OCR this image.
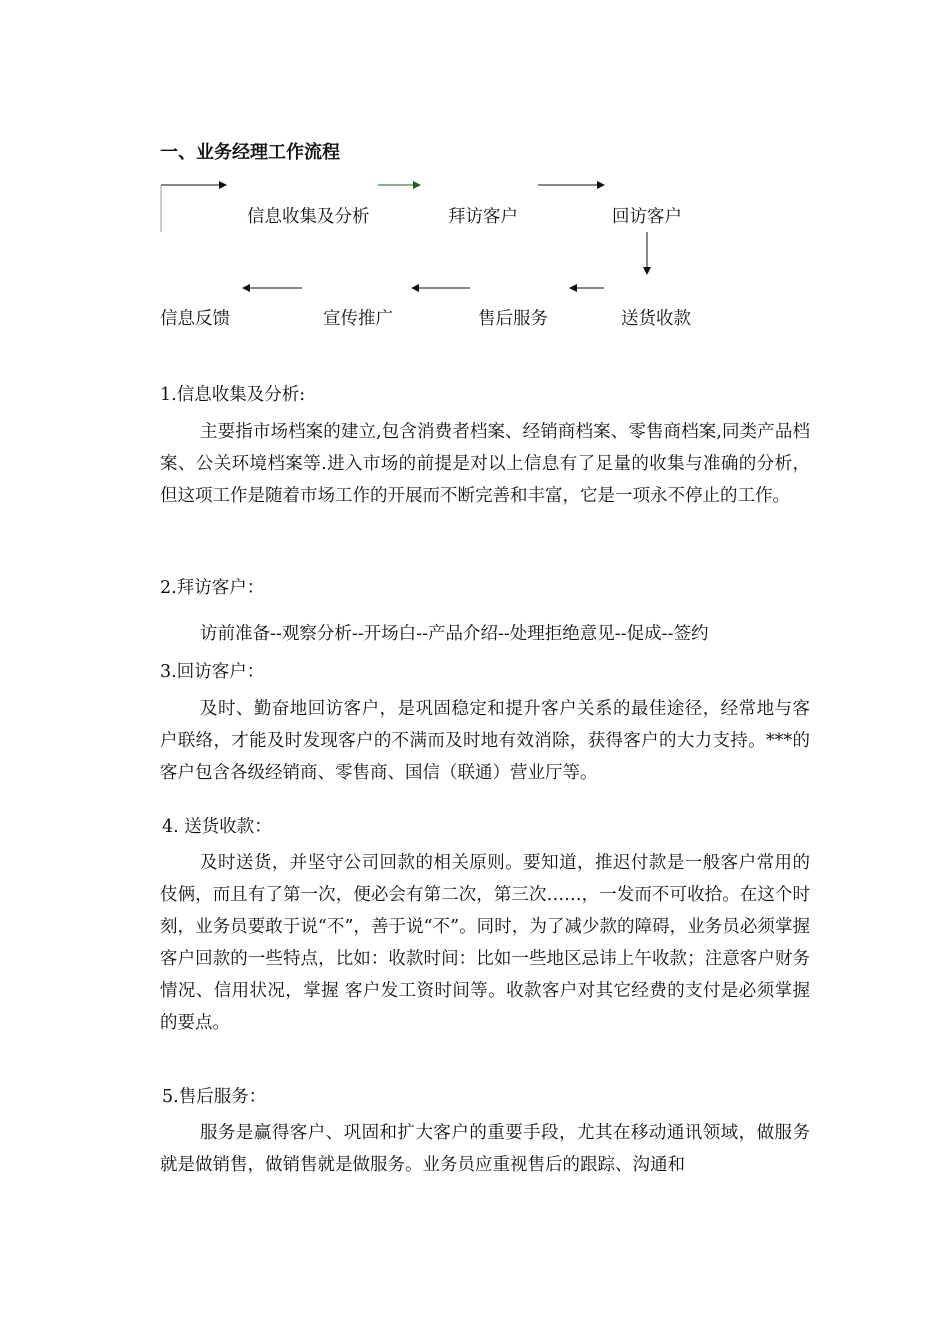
一、业务经理工作流程
信息收集及分析	拜访客户	回访客户
信息反馈	宣传推广	售后服务	送货收款

1.信息收集及分析:

主要指市场档案的建立,包含消费者档案、经销商档案、零售商档案,同类产品档案、公关环境档案等.进入市场的前提是对以上信息有了足量的收集与准确的分析，但这项工作是随着市场工作的开展而不断完善和丰富，它是一项永不停止的工作。

2.拜访客户：

访前准备--观察分析--开场白--产品介绍--处理拒绝意见--促成--签约

3.回访客户：

及时、勤奋地回访客户，是巩固稳定和提升客户关系的最佳途径，经常地与客户联络，才能及时发现客户的不满而及时地有效消除，获得客户的大力支持。***的客户包含各级经销商、零售商、国信（联通）营业厅等。

4. 送货收款：

及时送货，并坚守公司回款的相关原则。要知道，推迟付款是一般客户常用的伎俩，而且有了第一次，便必会有第二次，第三次……，一发而不可收拾。在这个时刻，业务员要敢于说“不”，善于说“不”。同时，为了减少款的障碍，业务员必须掌握客户回款的一些特点，比如：收款时间：比如一些地区忌讳上午收款；注意客户财务情况、信用状况，掌握 客户发工资时间等。收款客户对其它经费的支付是必须掌握的要点。

5.售后服务：

服务是赢得客户、巩固和扩大客户的重要手段，尤其在移动通讯领域，做服务就是做销售，做销售就是做服务。业务员应重视售后的跟踪、沟通和
